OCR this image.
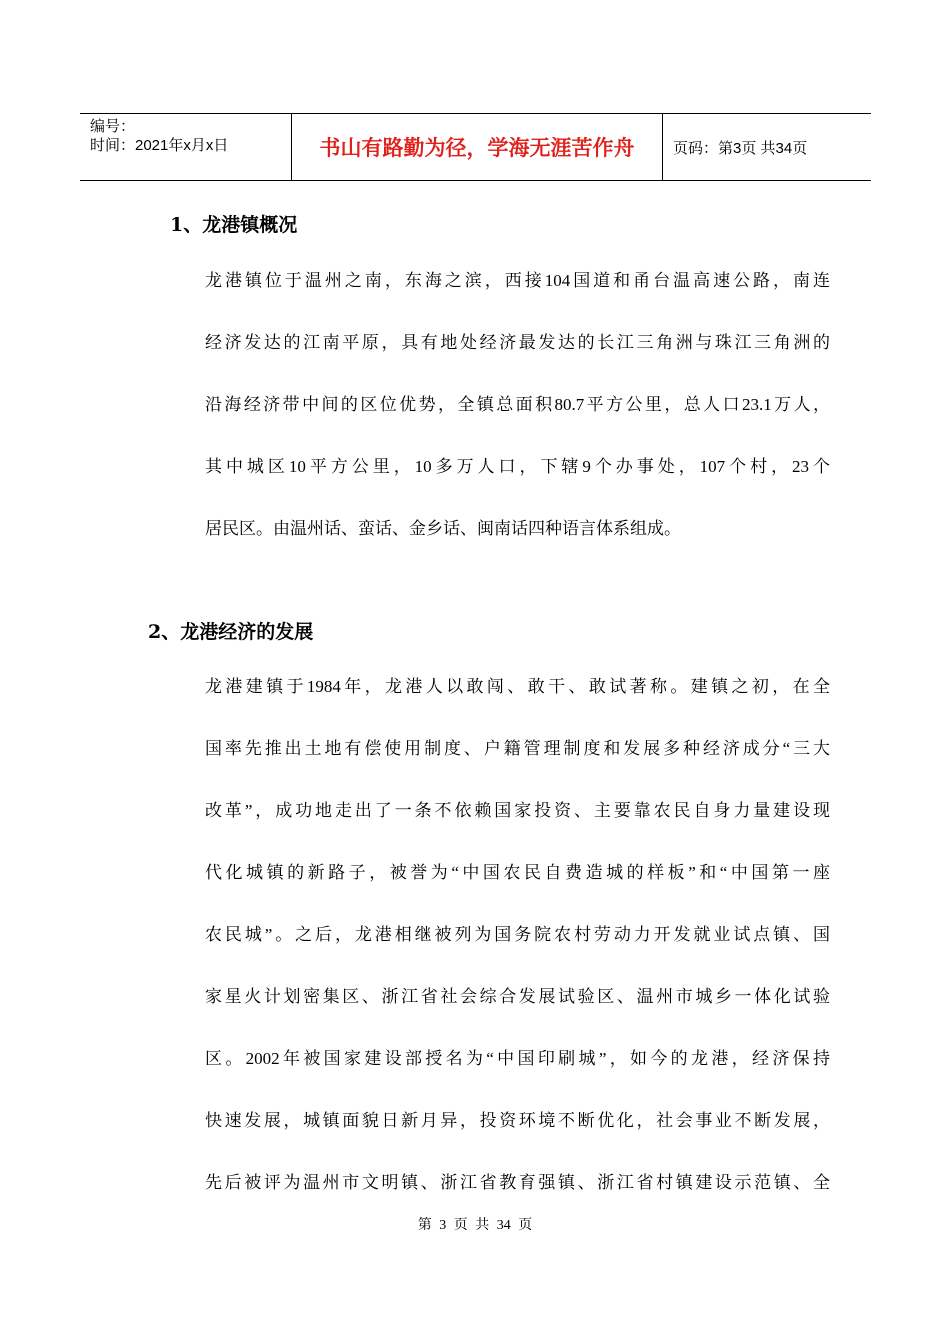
编号：
时间：2021年x月x日	书山有路勤为径，学海无涯苦作舟	页码：第3页 共34页
1、龙港镇概况
龙港镇位于温州之南，东海之滨，西接104国道和甬台温高速公路，南连
经济发达的江南平原，具有地处经济最发达的长江三角洲与珠江三角洲的
沿海经济带中间的区位优势，全镇总面积80.7平方公里，总人口23.1万人，
其中城区10平方公里，10多万人口，下辖9个办事处，107个村，23个
居民区。由温州话、蛮话、金乡话、闽南话四种语言体系组成。
2、龙港经济的发展
龙港建镇于1984年，龙港人以敢闯、敢干、敢试著称。建镇之初，在全
国率先推出土地有偿使用制度、户籍管理制度和发展多种经济成分“三大
改革”，成功地走出了一条不依赖国家投资、主要靠农民自身力量建设现
代化城镇的新路子，被誉为“中国农民自费造城的样板”和“中国第一座
农民城”。之后，龙港相继被列为国务院农村劳动力开发就业试点镇、国
家星火计划密集区、浙江省社会综合发展试验区、温州市城乡一体化试验
区。2002年被国家建设部授名为“中国印刷城”，如今的龙港，经济保持
快速发展，城镇面貌日新月异，投资环境不断优化，社会事业不断发展，
先后被评为温州市文明镇、浙江省教育强镇、浙江省村镇建设示范镇、全
第 3 页 共 34 页
